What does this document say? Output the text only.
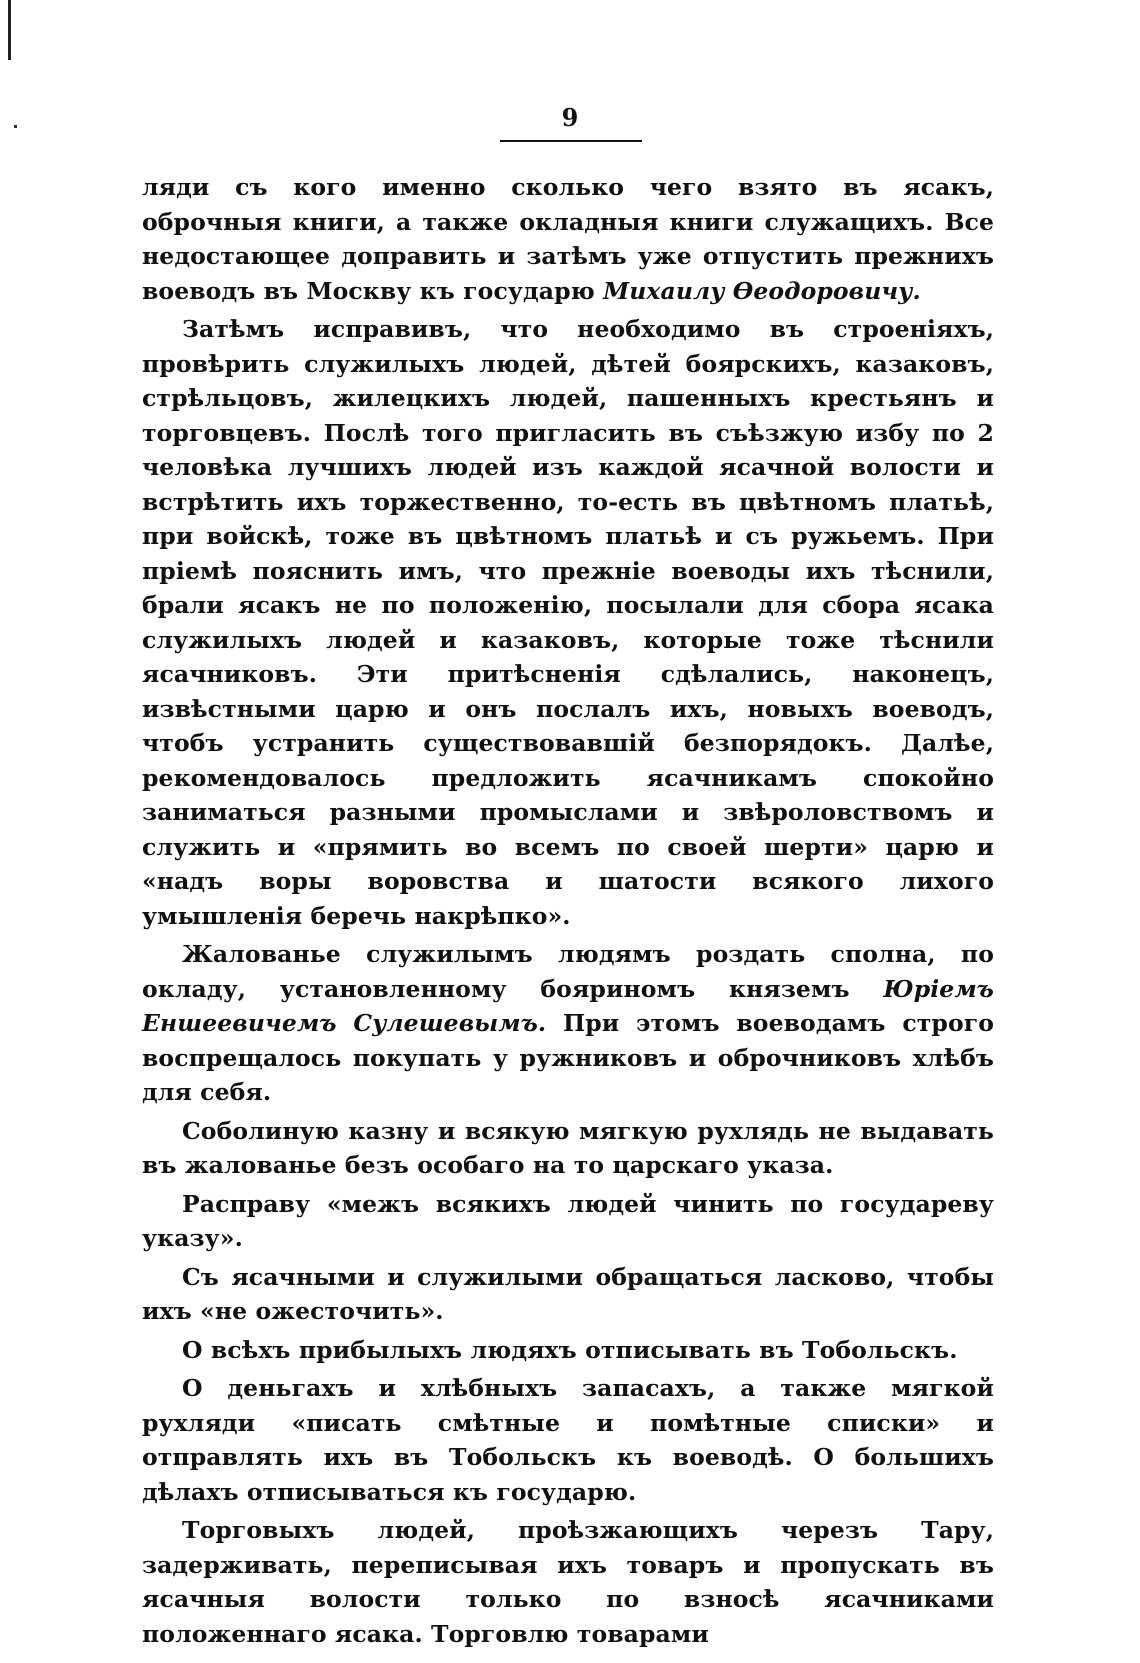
9

ляди съ кого именно сколько чего взято въ ясакъ, оброчныя книги, а также окладныя книги служащихъ. Все недостающее доправить и затѣмъ уже отпустить прежнихъ воеводъ въ Москву къ государю Михаилу Өеодоровичу.

Затѣмъ исправивъ, что необходимо въ строеніяхъ, провѣрить служилыхъ людей, дѣтей боярскихъ, казаковъ, стрѣльцовъ, жилецкихъ людей, пашенныхъ крестьянъ и торговцевъ. Послѣ того пригласить въ съѣзжую избу по 2 человѣка лучшихъ людей изъ каждой ясачной волости и встрѣтить ихъ торжественно, то-есть въ цвѣтномъ платьѣ, при войскѣ, тоже въ цвѣтномъ платьѣ и съ ружьемъ. При пріемѣ пояснить имъ, что прежніе воеводы ихъ тѣснили, брали ясакъ не по положенію, посылали для сбора ясака служилыхъ людей и казаковъ, которые тоже тѣснили ясачниковъ. Эти притѣсненія сдѣлались, наконецъ, извѣстными царю и онъ послалъ ихъ, новыхъ воеводъ, чтобъ устранить существовавшій безпорядокъ. Далѣе, рекомендовалось предложить ясачникамъ спокойно заниматься разными промыслами и звѣроловствомъ и служить и «прямить во всемъ по своей шерти» царю и «надъ воры воровства и шатости всякого лихого умышленія беречь накрѣпко».

Жалованье служилымъ людямъ роздать сполна, по окладу, установленному бояриномъ княземъ Юріемъ Еншеевичемъ Сулешевымъ. При этомъ воеводамъ строго воспрещалось покупать у ружниковъ и оброчниковъ хлѣбъ для себя.

Соболиную казну и всякую мягкую рухлядь не выдавать въ жалованье безъ особаго на то царскаго указа.

Расправу «межъ всякихъ людей чинить по государеву указу».

Съ ясачными и служилыми обращаться ласково, чтобы ихъ «не ожесточить».

О всѣхъ прибылыхъ людяхъ отписывать въ Тобольскъ.

О деньгахъ и хлѣбныхъ запасахъ, а также мягкой рухляди «писать смѣтные и помѣтные списки» и отправлять ихъ въ Тобольскъ къ воеводѣ. О большихъ дѣлахъ отписываться къ государю.

Торговыхъ людей, проѣзжающихъ черезъ Тару, задерживать, переписывая ихъ товаръ и пропускать въ ясачныя волости только по взносѣ ясачниками положеннаго ясака. Торговлю товарами
